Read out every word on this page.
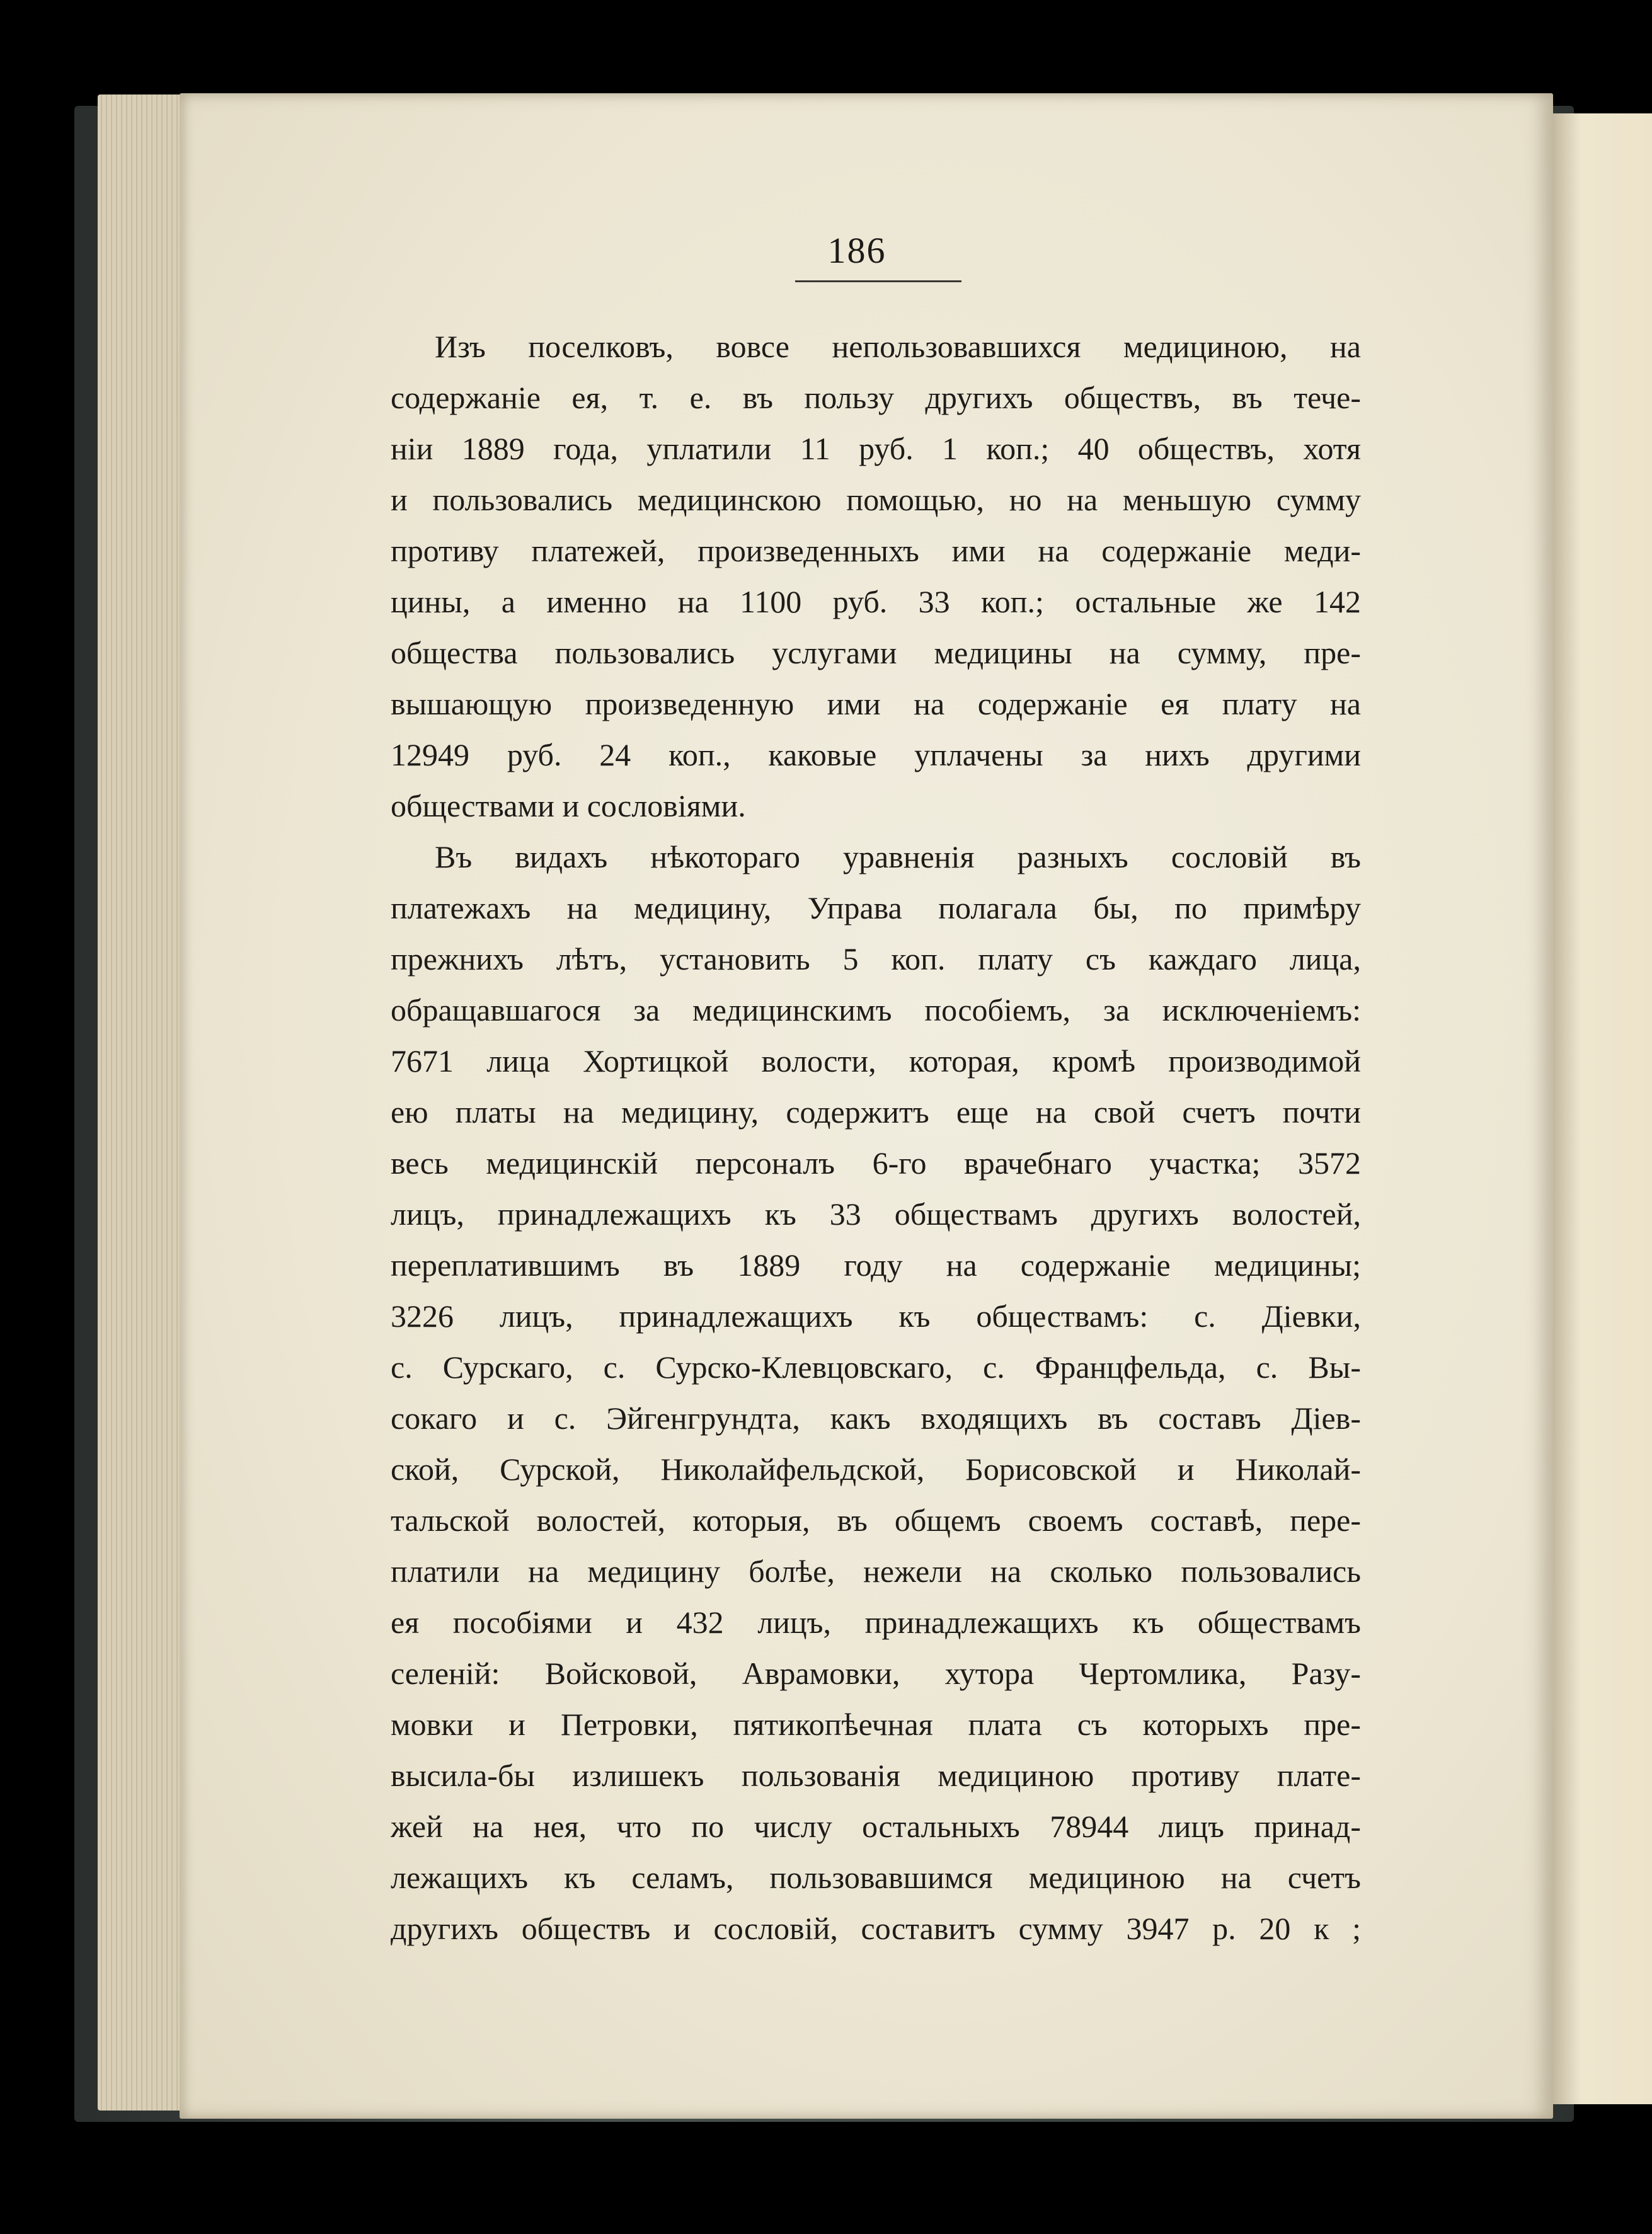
186
Изъ поселковъ, вовсе непользовавшихся медициною, на
содержаніе ея, т. е. въ пользу другихъ обществъ, въ тече-
ніи 1889 года, уплатили 11 руб. 1 коп.; 40 обществъ, хотя
и пользовались медицинскою помощью, но на меньшую сумму
противу платежей, произведенныхъ ими на содержаніе меди-
цины, а именно на 1100 руб. 33 коп.; остальные же 142
общества пользовались услугами медицины на сумму, пре-
вышающую произведенную ими на содержаніе ея плату на
12949 руб. 24 коп., каковые уплачены за нихъ другими
обществами и сословіями.
Въ видахъ нѣкотораго уравненія разныхъ сословій въ
платежахъ на медицину, Управа полагала бы, по примѣру
прежнихъ лѣтъ, установить 5 коп. плату съ каждаго лица,
обращавшагося за медицинскимъ пособіемъ, за исключеніемъ:
7671 лица Хортицкой волости, которая, кромѣ производимой
ею платы на медицину, содержитъ еще на свой счетъ почти
весь медицинскій персоналъ 6-го врачебнаго участка; 3572
лицъ, принадлежащихъ къ 33 обществамъ другихъ волостей,
переплатившимъ въ 1889 году на содержаніе медицины;
3226 лицъ, принадлежащихъ къ обществамъ: с. Діевки,
с. Сурскаго, с. Сурско-Клевцовскаго, с. Францфельда, с. Вы-
сокаго и с. Эйгенгрундта, какъ входящихъ въ составъ Діев-
ской, Сурской, Николайфельдской, Борисовской и Николай-
тальской волостей, которыя, въ общемъ своемъ составѣ, пере-
платили на медицину болѣе, нежели на сколько пользовались
ея пособіями и 432 лицъ, принадлежащихъ къ обществамъ
селеній: Войсковой, Аврамовки, хутора Чертомлика, Разу-
мовки и Петровки, пятикопѣечная плата съ которыхъ пре-
высила-бы излишекъ пользованія медициною противу плате-
жей на нея, что по числу остальныхъ 78944 лицъ принад-
лежащихъ къ селамъ, пользовавшимся медициною на счетъ
другихъ обществъ и сословій, составитъ сумму 3947 р. 20 к ;
